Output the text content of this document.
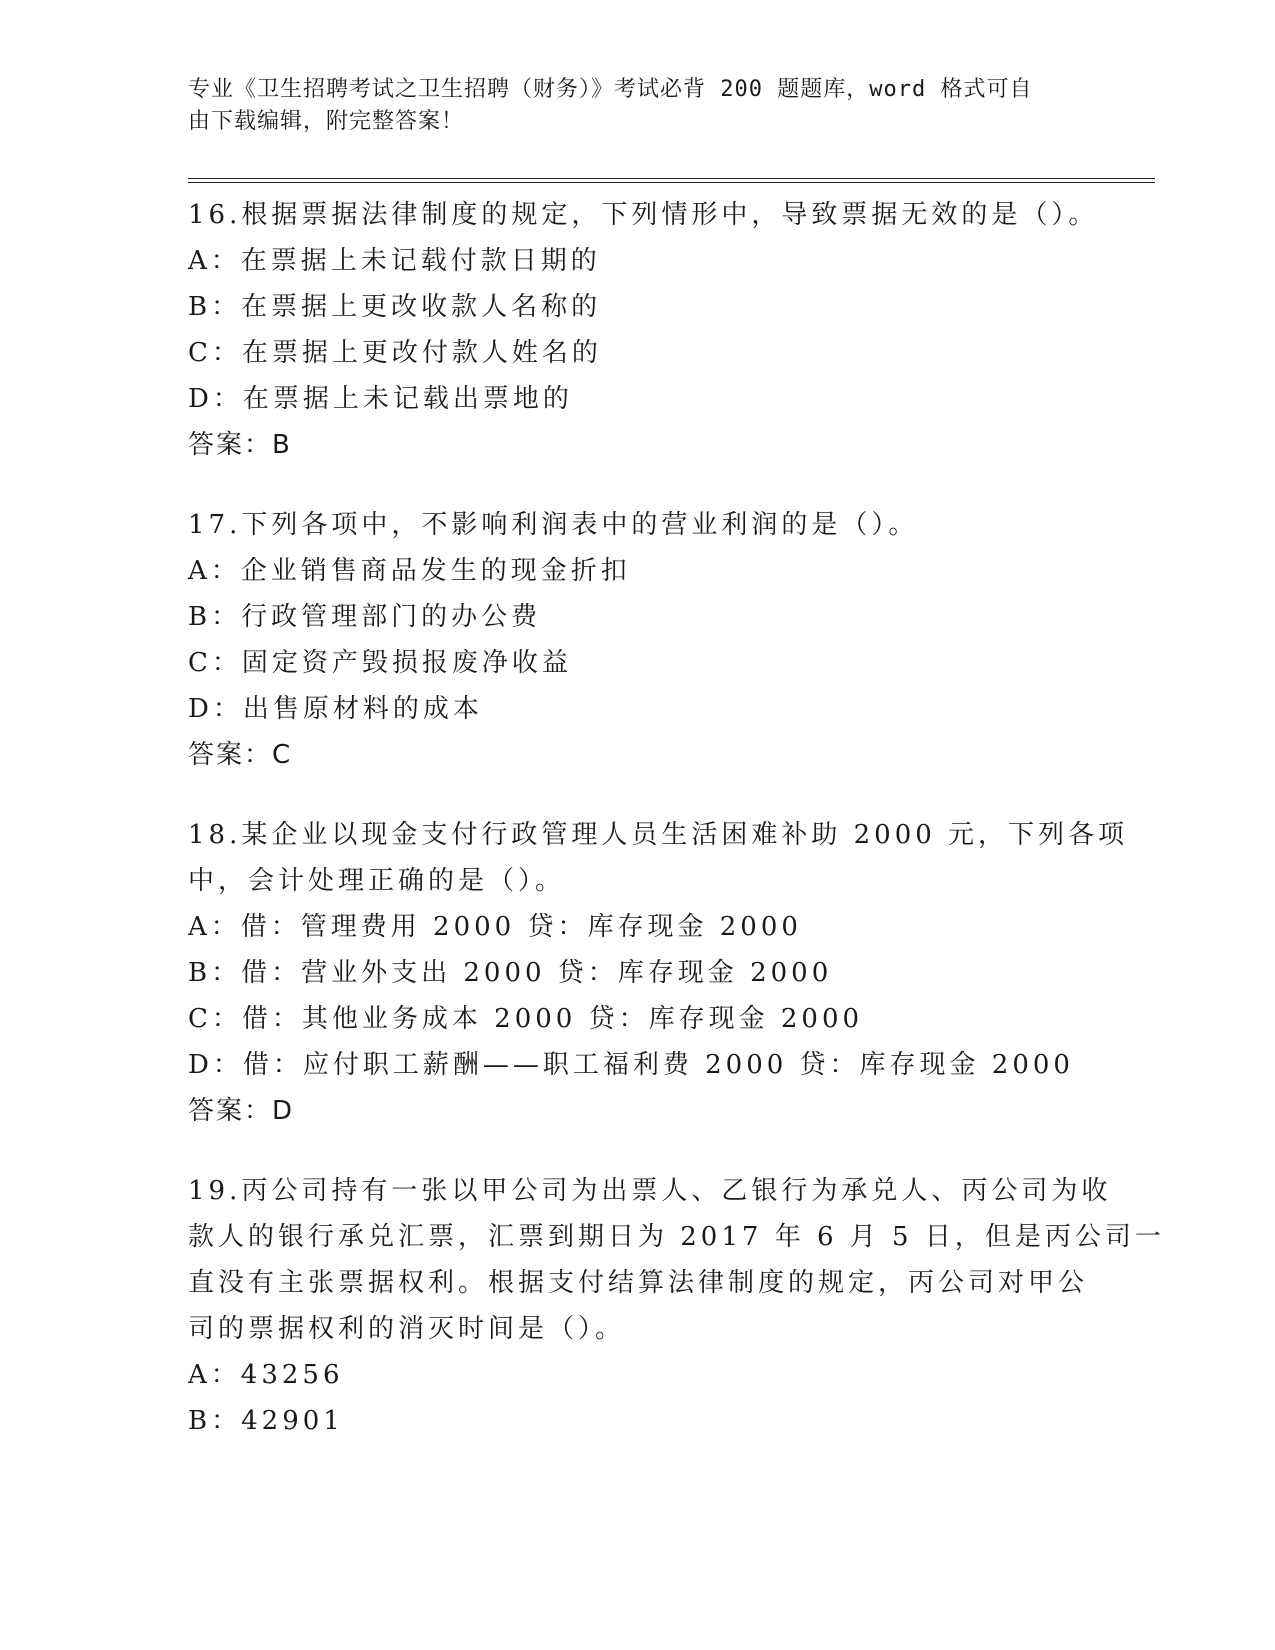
专业《卫生招聘考试之卫生招聘（财务）》考试必背 200 题题库，word 格式可自
由下载编辑，附完整答案！
16.根据票据法律制度的规定，下列情形中，导致票据无效的是（）。
A：在票据上未记载付款日期的
B：在票据上更改收款人名称的
C：在票据上更改付款人姓名的
D：在票据上未记载出票地的
答案：B
17.下列各项中，不影响利润表中的营业利润的是（）。
A：企业销售商品发生的现金折扣
B：行政管理部门的办公费
C：固定资产毁损报废净收益
D：出售原材料的成本
答案：C
18.某企业以现金支付行政管理人员生活困难补助 2000 元，下列各项
中，会计处理正确的是（）。
A：借：管理费用 2000 贷：库存现金 2000
B：借：营业外支出 2000 贷：库存现金 2000
C：借：其他业务成本 2000 贷：库存现金 2000
D：借：应付职工薪酬——职工福利费 2000 贷：库存现金 2000
答案：D
19.丙公司持有一张以甲公司为出票人、乙银行为承兑人、丙公司为收
款人的银行承兑汇票，汇票到期日为 2017 年 6 月 5 日，但是丙公司一
直没有主张票据权利。根据支付结算法律制度的规定，丙公司对甲公
司的票据权利的消灭时间是（）。
A：43256
B：42901
